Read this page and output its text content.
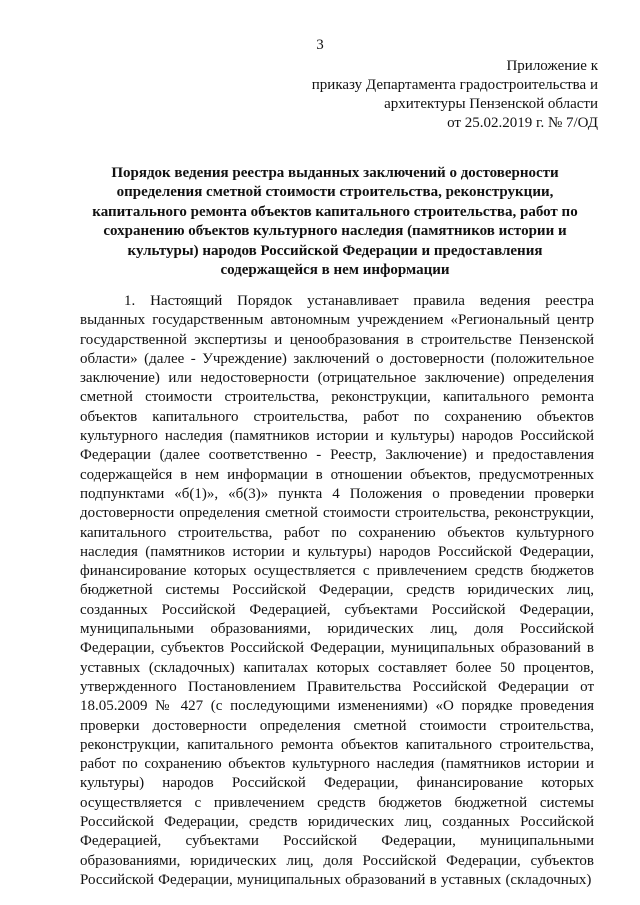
3
Приложение к
приказу Департамента градостроительства и
архитектуры Пензенской области
от 25.02.2019 г. № 7/ОД
Порядок ведения реестра выданных заключений о достоверности определения сметной стоимости строительства, реконструкции, капитального ремонта объектов капитального строительства, работ по сохранению объектов культурного наследия (памятников истории и культуры) народов Российской Федерации и предоставления содержащейся в нем информации
1. Настоящий Порядок устанавливает правила ведения реестра выданных государственным автономным учреждением «Региональный центр государственной экспертизы и ценообразования в строительстве Пензенской области» (далее - Учреждение) заключений о достоверности (положительное заключение) или недостоверности (отрицательное заключение) определения сметной стоимости строительства, реконструкции, капитального ремонта объектов капитального строительства, работ по сохранению объектов культурного наследия (памятников истории и культуры) народов Российской Федерации (далее соответственно - Реестр, Заключение) и предоставления содержащейся в нем информации в отношении объектов, предусмотренных подпунктами «б(1)», «б(3)» пункта 4 Положения о проведении проверки достоверности определения сметной стоимости строительства, реконструкции, капитального строительства, работ по сохранению объектов культурного наследия (памятников истории и культуры) народов Российской Федерации, финансирование которых осуществляется с привлечением средств бюджетов бюджетной системы Российской Федерации, средств юридических лиц, созданных Российской Федерацией, субъектами Российской Федерации, муниципальными образованиями, юридических лиц, доля Российской Федерации, субъектов Российской Федерации, муниципальных образований в уставных (складочных) капиталах которых составляет более 50 процентов, утвержденного Постановлением Правительства Российской Федерации от 18.05.2009 № 427 (с последующими изменениями) «О порядке проведения проверки достоверности определения сметной стоимости строительства, реконструкции, капитального ремонта объектов капитального строительства, работ по сохранению объектов культурного наследия (памятников истории и культуры) народов Российской Федерации, финансирование которых осуществляется с привлечением средств бюджетов бюджетной системы Российской Федерации, средств юридических лиц, созданных Российской Федерацией, субъектами Российской Федерации, муниципальными образованиями, юридических лиц, доля Российской Федерации, субъектов Российской Федерации, муниципальных образований в уставных (складочных)
